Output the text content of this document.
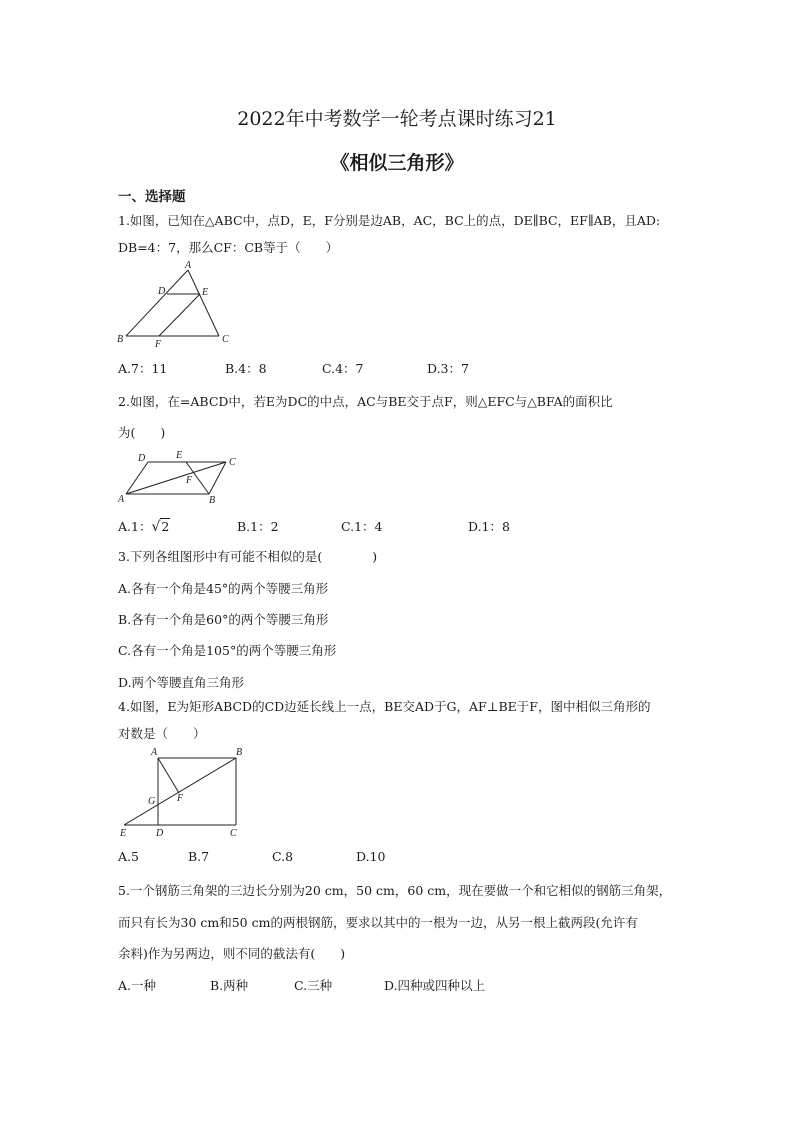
2022年中考数学一轮考点课时练习21
《相似三角形》
一、选择题
1.如图，已知在△ABC中，点D，E，F分别是边AB，AC，BC上的点，DE∥BC，EF∥AB，且AD:
DB=4：7，那么CF：CB等于（　　）
A
D	E
B	F	C
A.7：11	B.4：8	C.4：7	D.3：7
2.如图，在=ABCD中，若E为DC的中点，AC与BE交于点F，则△EFC与△BFA的面积比
为(　　)
D	E
C
F
A	B
A.1：√2	B.1：2	C.1：4	D.1：8
3.下列各组图形中有可能不相似的是(　　　　)
A.各有一个角是45°的两个等腰三角形
B.各有一个角是60°的两个等腰三角形
C.各有一个角是105°的两个等腰三角形
D.两个等腰直角三角形
4.如图，E为矩形ABCD的CD边延长线上一点，BE交AD于G，AF⊥BE于F，图中相似三角形的
对数是（　　）
A	B
G F
E	D	C
A.5	B.7	C.8	D.10
5.一个钢筋三角架的三边长分别为20 cm，50 cm，60 cm，现在要做一个和它相似的钢筋三角架，
而只有长为30 cm和50 cm的两根钢筋，要求以其中的一根为一边，从另一根上截两段(允许有
余料)作为另两边，则不同的截法有(　　)
A.一种	B.两种	C.三种	D.四种或四种以上
